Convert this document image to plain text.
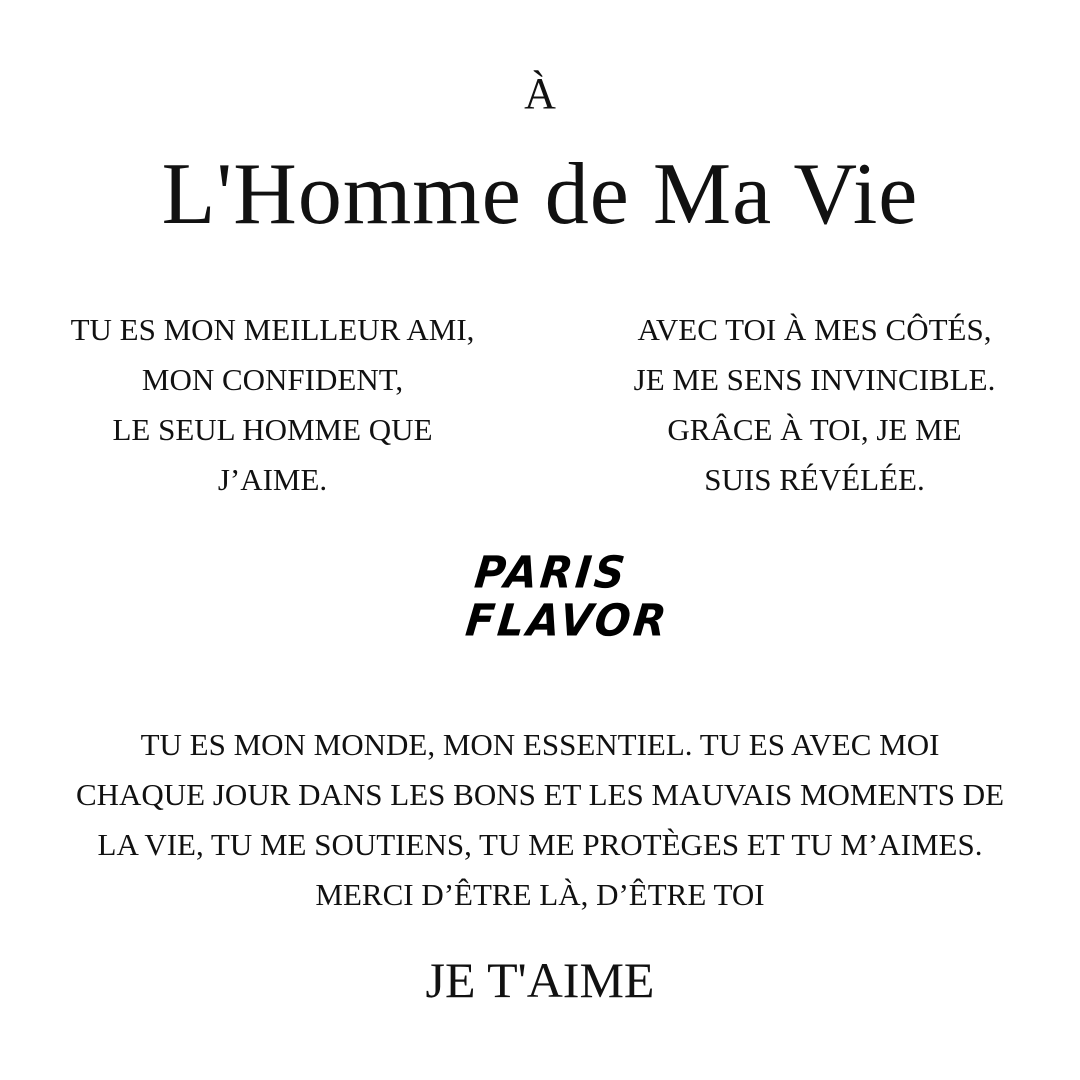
À
L'Homme de Ma Vie
TU ES MON MEILLEUR AMI,
MON CONFIDENT,
LE SEUL HOMME QUE
J’AIME.
AVEC TOI À MES CÔTÉS,
JE ME SENS INVINCIBLE.
GRÂCE À TOI, JE ME
SUIS RÉVÉLÉE.
PARIS
FLAVOR
TU ES MON MONDE, MON ESSENTIEL. TU ES AVEC MOI
CHAQUE JOUR DANS LES BONS ET LES MAUVAIS MOMENTS DE
LA VIE, TU ME SOUTIENS, TU ME PROTÈGES ET TU M’AIMES.
MERCI D’ÊTRE LÀ, D’ÊTRE TOI
JE T'AIME
